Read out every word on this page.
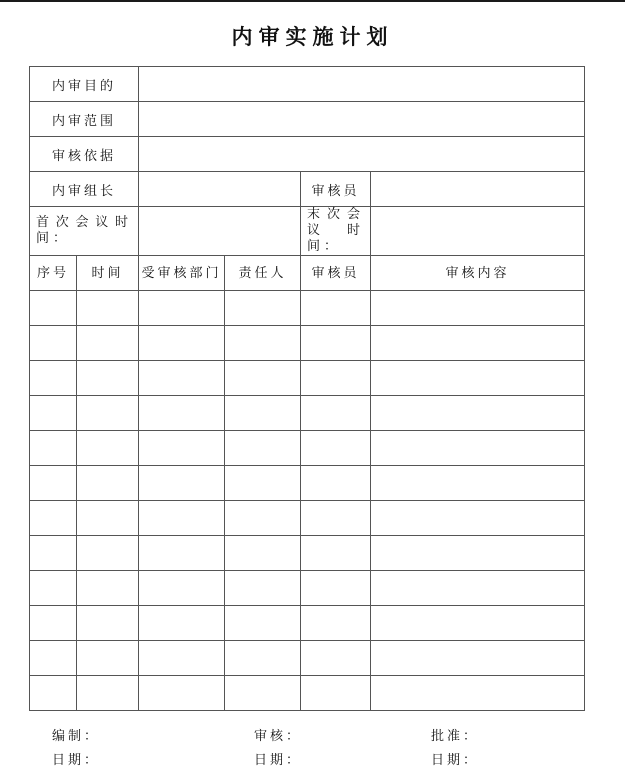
内审实施计划
内审目的					
内审范围					
审核依据					
内审组长				审核员	
首次会议时间：				末次会议时间：	
序号	时间	受审核部门	责任人	审核员	审核内容

编制：	审核：	批准：
日期：	日期：	日期：
